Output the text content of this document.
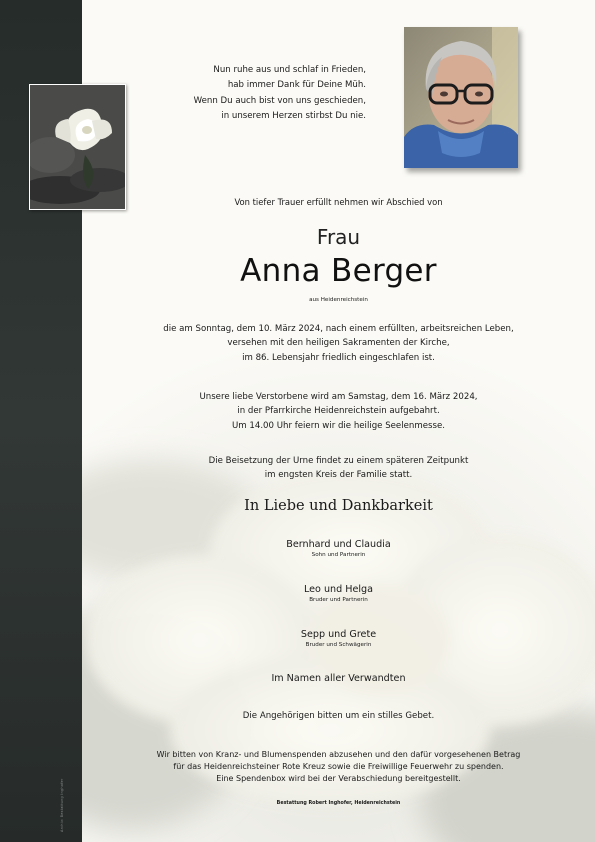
Archiv: Bestattung Inghofer
Nun ruhe aus und schlaf in Frieden,
hab immer Dank für Deine Müh.
Wenn Du auch bist von uns geschieden,
in unserem Herzen stirbst Du nie.
Von tiefer Trauer erfüllt nehmen wir Abschied von
Frau
Anna Berger
aus Heidenreichstein
die am Sonntag, dem 10. März 2024, nach einem erfüllten, arbeitsreichen Leben,
versehen mit den heiligen Sakramenten der Kirche,
im 86. Lebensjahr friedlich eingeschlafen ist.
Unsere liebe Verstorbene wird am Samstag, dem 16. März 2024,
in der Pfarrkirche Heidenreichstein aufgebahrt.
Um 14.00 Uhr feiern wir die heilige Seelenmesse.
Die Beisetzung der Urne findet zu einem späteren Zeitpunkt
im engsten Kreis der Familie statt.
In Liebe und Dankbarkeit
Bernhard und Claudia
Sohn und Partnerin
Leo und Helga
Bruder und Partnerin
Sepp und Grete
Bruder und Schwägerin
Im Namen aller Verwandten
Die Angehörigen bitten um ein stilles Gebet.
Wir bitten von Kranz- und Blumenspenden abzusehen und den dafür vorgesehenen Betrag
für das Heidenreichsteiner Rote Kreuz sowie die Freiwillige Feuerwehr zu spenden.
Eine Spendenbox wird bei der Verabschiedung bereitgestellt.
Bestattung Robert Inghofer, Heidenreichstein
